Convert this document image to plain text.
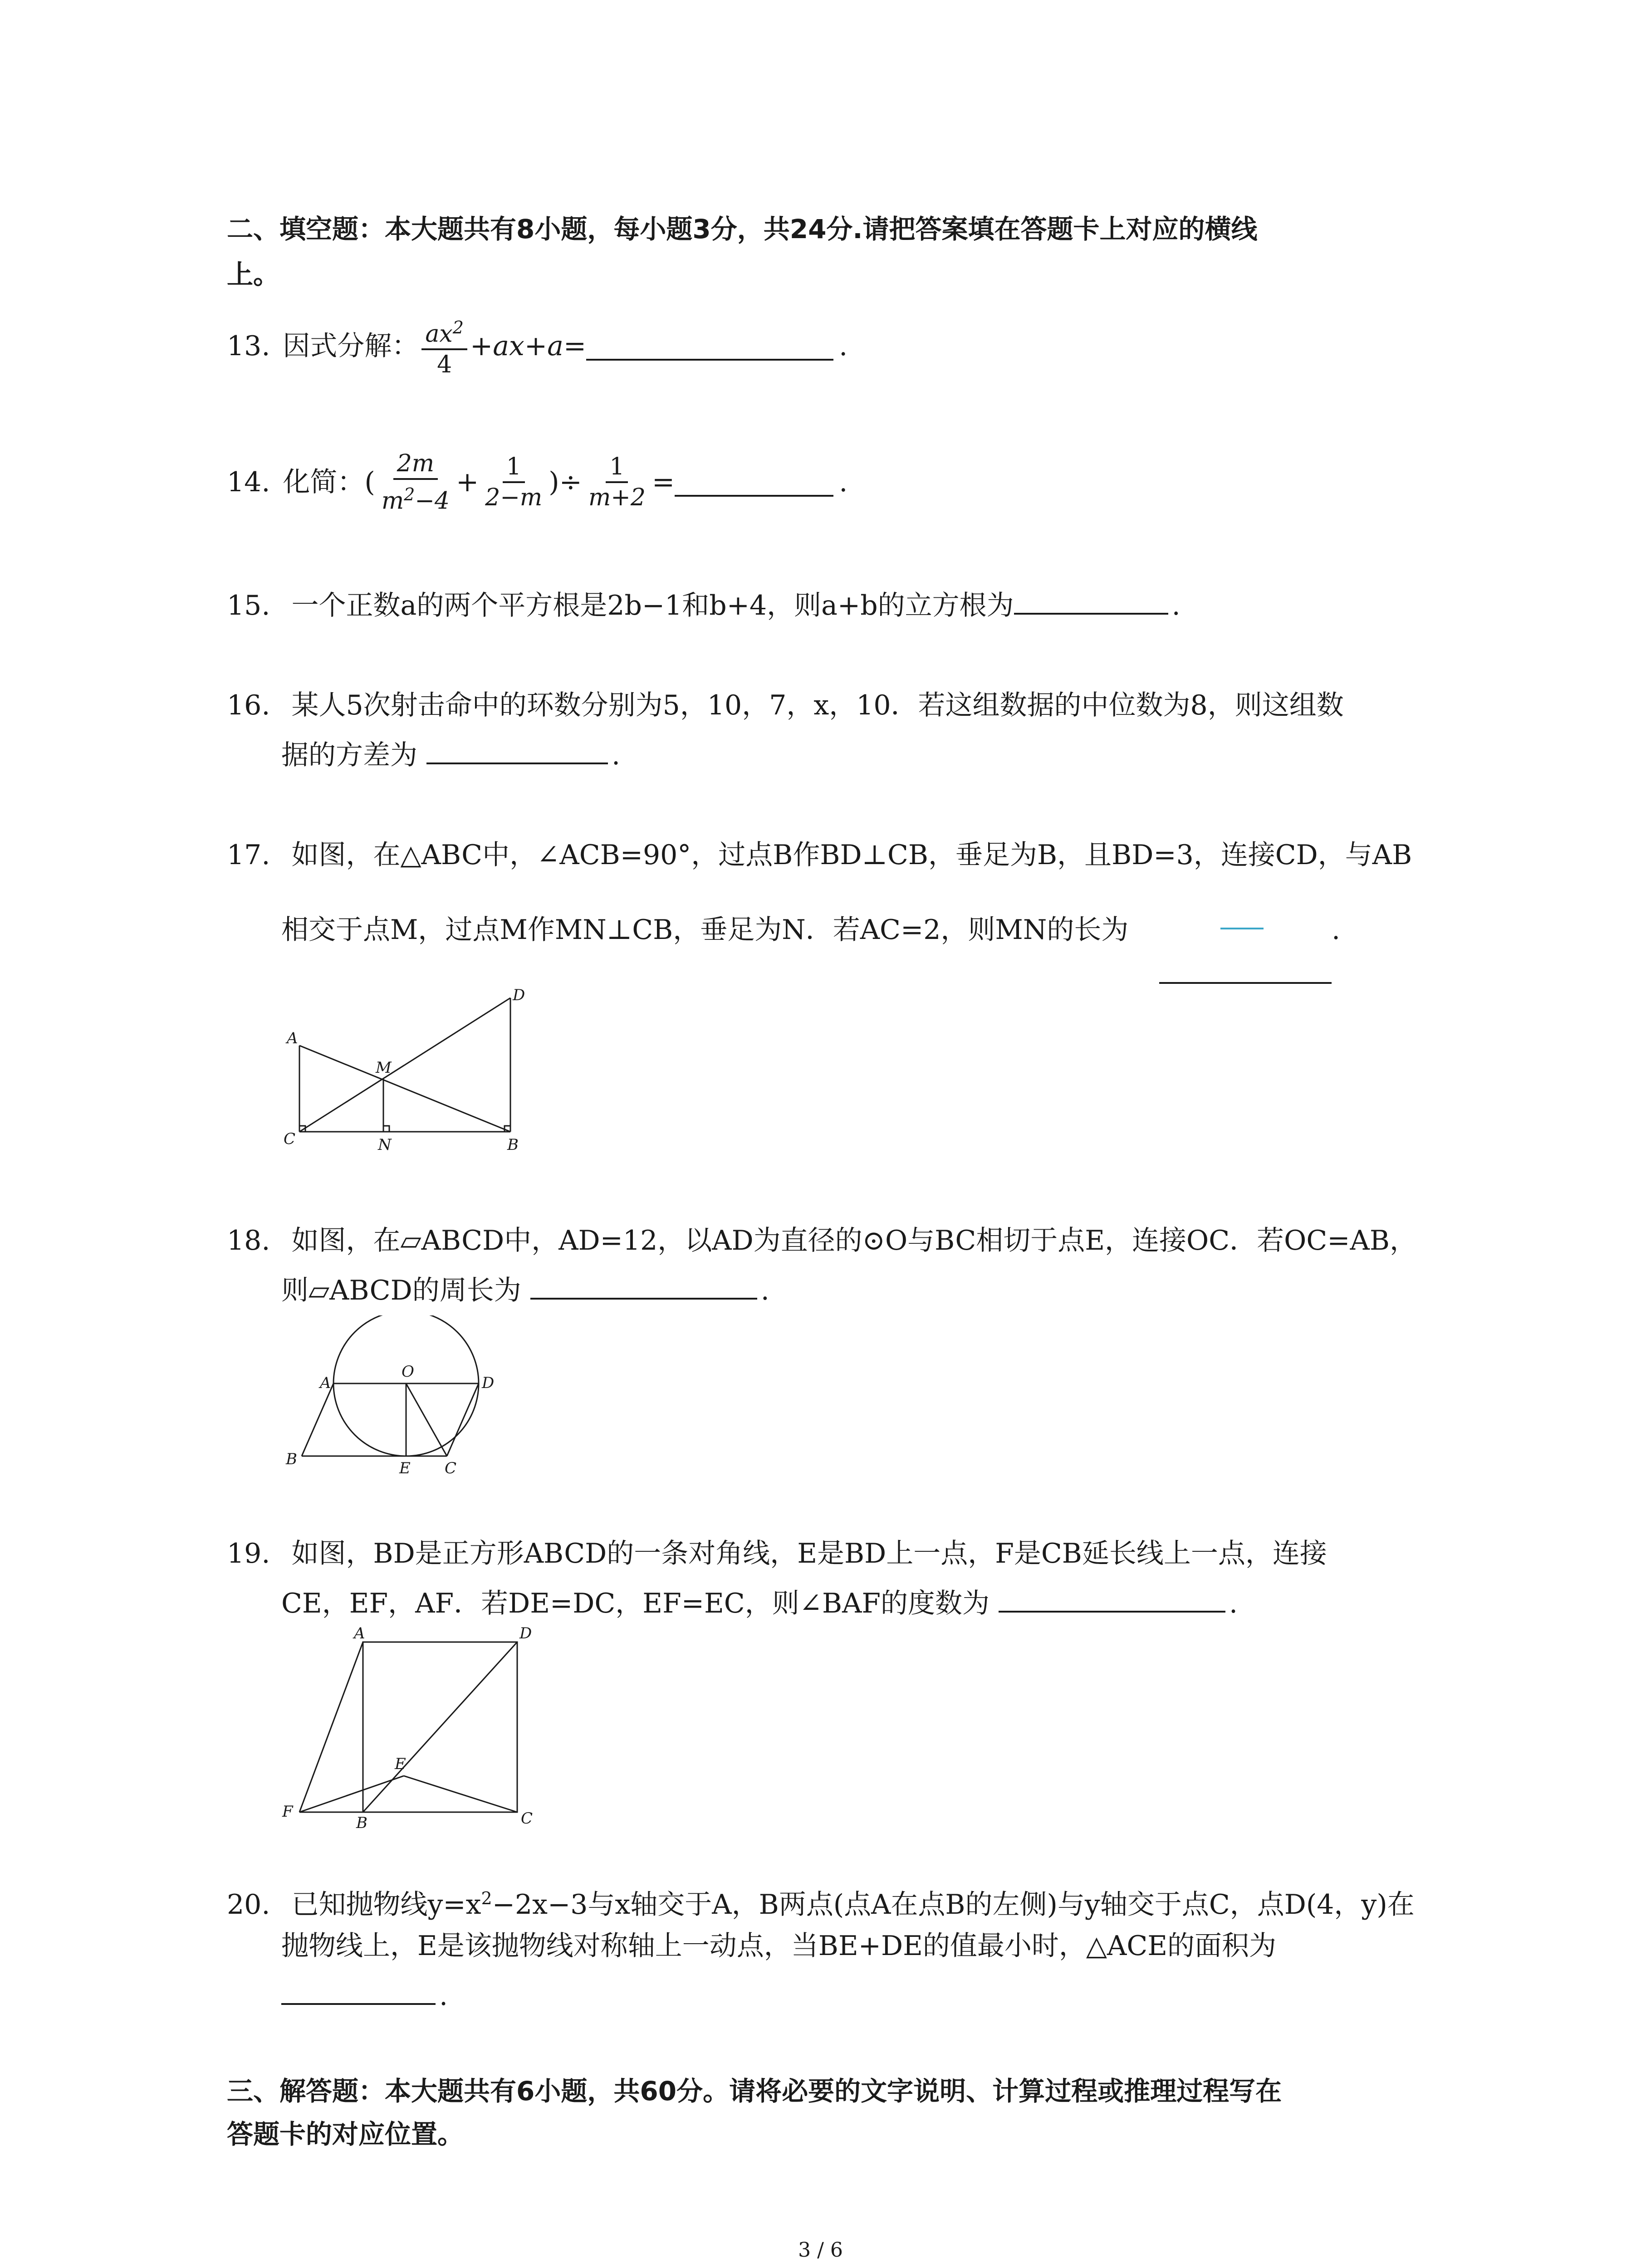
二、填空题：本大题共有8小题，每小题3分，共24分.请把答案填在答题卡上对应的横线
上。
13. 因式分解： $\frac{ax^2}{4} +ax+a=$	.
14. 化简：( $\frac{2m}{m^2-4} + \frac{1}{2-m}$ )÷ $\frac{1}{m+2}$ =	.
15. 一个正数a的两个平方根是2b−1和b+4，则a+b的立方根为	.
16. 某人5次射击命中的环数分别为5，10，7，x，10．若这组数据的中位数为8，则这组数
据的方差为	.
17. 如图，在△ABC中，∠ACB=90°，过点B作BD⊥CB，垂足为B，且BD=3，连接CD，与AB
相交于点M，过点M作MN⊥CB，垂足为N．若AC=2，则MN的长为	.
A
M
D
C	N	B
18. 如图，在▱ABCD中，AD=12，以AD为直径的⊙O与BC相切于点E，连接OC．若OC=AB，
则▱ABCD的周长为	.
O
A	D
B	E C
19. 如图，BD是正方形ABCD的一条对角线，E是BD上一点，F是CB延长线上一点，连接
CE，EF，AF．若DE=DC，EF=EC，则∠BAF的度数为	.
A	D
E
F
B	C
20. 已知抛物线$y=x^2-2x-3$与x轴交于A，B两点(点A在点B的左侧)与y轴交于点C，点D(4，y)在
抛物线上，E是该抛物线对称轴上一动点，当BE+DE的值最小时，△ACE的面积为
.
三、解答题：本大题共有6小题，共60分。请将必要的文字说明、计算过程或推理过程写在
答题卡的对应位置。
3 / 6
